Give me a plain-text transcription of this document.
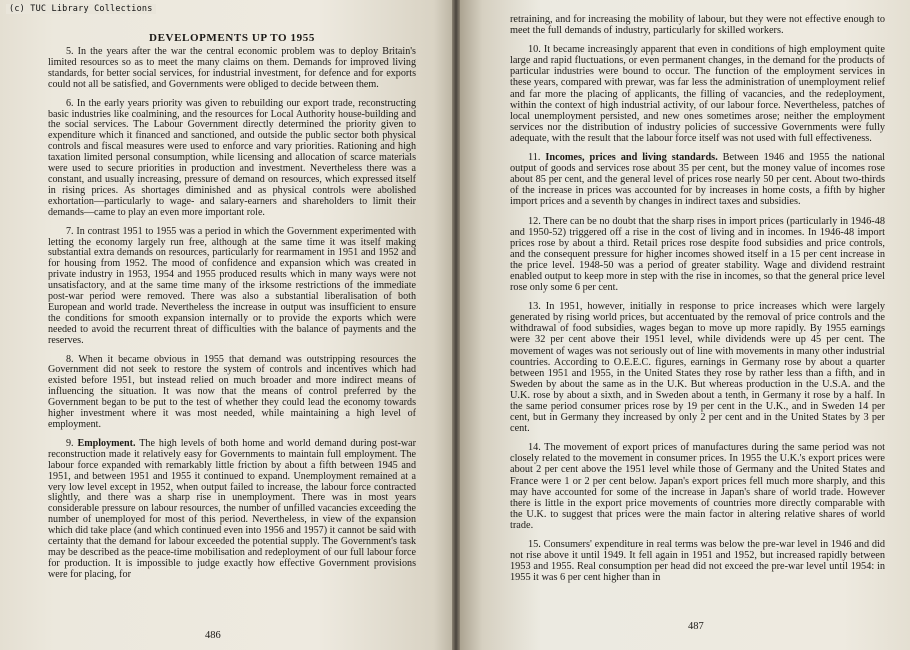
(c) TUC Library Collections
DEVELOPMENTS UP TO 1955

5. In the years after the war the central economic problem was to deploy Britain's limited resources so as to meet the many claims on them. Demands for improved living standards, for better social services, for industrial investment, for defence and for exports could not all be satisfied, and Governments were obliged to decide between them.

6. In the early years priority was given to rebuilding our export trade, reconstructing basic industries like coalmining, and the resources for Local Authority house-building and the social services. The Labour Government directly determined the priority given to expenditure which it financed and sanctioned, and outside the public sector both physical controls and fiscal measures were used to enforce and vary priorities. Rationing and high taxation limited personal consumption, while licensing and allocation of scarce materials were used to secure priorities in production and investment. Nevertheless there was a constant, and usually increasing, pressure of demand on resources, which expressed itself in rising prices. As shortages diminished and as physical controls were abolished exhortation—particularly to wage- and salary-earners and shareholders to limit their demands—came to play an even more important role.

7. In contrast 1951 to 1955 was a period in which the Government experimented with letting the economy largely run free, although at the same time it was itself making substantial extra demands on resources, particularly for rearmament in 1951 and 1952 and for housing from 1952. The mood of confidence and expansion which was created in private industry in 1953, 1954 and 1955 produced results which in many ways were not unsatisfactory, and at the same time many of the irksome restrictions of the immediate post-war period were removed. There was also a substantial liberalisation of both European and world trade. Nevertheless the increase in output was insufficient to ensure the conditions for smooth expansion internally or to provide the exports which were needed to avoid the recurrent threat of difficulties with the balance of payments and the reserves.

8. When it became obvious in 1955 that demand was outstripping resources the Government did not seek to restore the system of controls and incentives which had existed before 1951, but instead relied on much broader and more indirect means of influencing the situation. It was now that the means of control preferred by the Government began to be put to the test of whether they could lead the economy towards higher investment where it was most needed, while maintaining a high level of employment.

9. Employment. The high levels of both home and world demand during post-war reconstruction made it relatively easy for Governments to maintain full employment. The labour force expanded with remarkably little friction by about a fifth between 1945 and 1951, and between 1951 and 1955 it continued to expand. Unemployment remained at a very low level except in 1952, when output failed to increase, the labour force contracted slightly, and there was a sharp rise in unemployment. There was in most years considerable pressure on labour resources, the number of unfilled vacancies exceeding the number of unemployed for most of this period. Nevertheless, in view of the expansion which did take place (and which continued even into 1956 and 1957) it cannot be said with certainty that the demand for labour exceeded the potential supply. The Government's task may be described as the peace-time mobilisation and redeployment of our full labour force for production. It is impossible to judge exactly how effective Government provisions were for placing, for

486

retraining, and for increasing the mobility of labour, but they were not effective enough to meet the full demands of industry, particularly for skilled workers.

10. It became increasingly apparent that even in conditions of high employment quite large and rapid fluctuations, or even permanent changes, in the demand for the products of particular industries were bound to occur. The function of the employment services in these years, compared with prewar, was far less the administration of unemployment relief and far more the placing of applicants, the filling of vacancies, and the redeployment, within the context of high industrial activity, of our labour force. Nevertheless, patches of local unemployment persisted, and new ones sometimes arose; neither the employment services nor the distribution of industry policies of successive Governments were fully adequate, with the result that the labour force itself was not used with full effectiveness.

11. Incomes, prices and living standards. Between 1946 and 1955 the national output of goods and services rose about 35 per cent, but the money value of incomes rose about 85 per cent, and the general level of prices rose nearly 50 per cent. About two-thirds of the increase in prices was accounted for by increases in home costs, a fifth by higher import prices and a seventh by changes in indirect taxes and subsidies.

12. There can be no doubt that the sharp rises in import prices (particularly in 1946-48 and 1950-52) triggered off a rise in the cost of living and in incomes. In 1946-48 import prices rose by about a third. Retail prices rose despite food subsidies and price controls, and the consequent pressure for higher incomes showed itself in a 15 per cent increase in the price level. 1948-50 was a period of greater stability. Wage and dividend restraint enabled output to keep more in step with the rise in incomes, so that the general price level rose only some 6 per cent.

13. In 1951, however, initially in response to price increases which were largely generated by rising world prices, but accentuated by the removal of price controls and the withdrawal of food subsidies, wages began to move up more rapidly. By 1955 earnings were 32 per cent above their 1951 level, while dividends were up 45 per cent. The movement of wages was not seriously out of line with movements in many other industrial countries. According to O.E.E.C. figures, earnings in Germany rose by about a quarter between 1951 and 1955, in the United States they rose by rather less than a fifth, and in Sweden by about the same as in the U.K. But whereas production in the U.S.A. and the U.K. rose by about a sixth, and in Sweden about a tenth, in Germany it rose by a half. In the same period consumer prices rose by 19 per cent in the U.K., and in Sweden 14 per cent, but in Germany they increased by only 2 per cent and in the United States by 3 per cent.

14. The movement of export prices of manufactures during the same period was not closely related to the movement in consumer prices. In 1955 the U.K.'s export prices were about 2 per cent above the 1951 level while those of Germany and the United States and France were 1 or 2 per cent below. Japan's export prices fell much more sharply, and this may have accounted for some of the increase in Japan's share of world trade. However there is little in the export price movements of countries more directly comparable with the U.K. to suggest that prices were the main factor in altering relative shares of world trade.

15. Consumers' expenditure in real terms was below the pre-war level in 1946 and did not rise above it until 1949. It fell again in 1951 and 1952, but increased rapidly between 1953 and 1955. Real consumption per head did not exceed the pre-war level until 1954: in 1955 it was 6 per cent higher than in

487
